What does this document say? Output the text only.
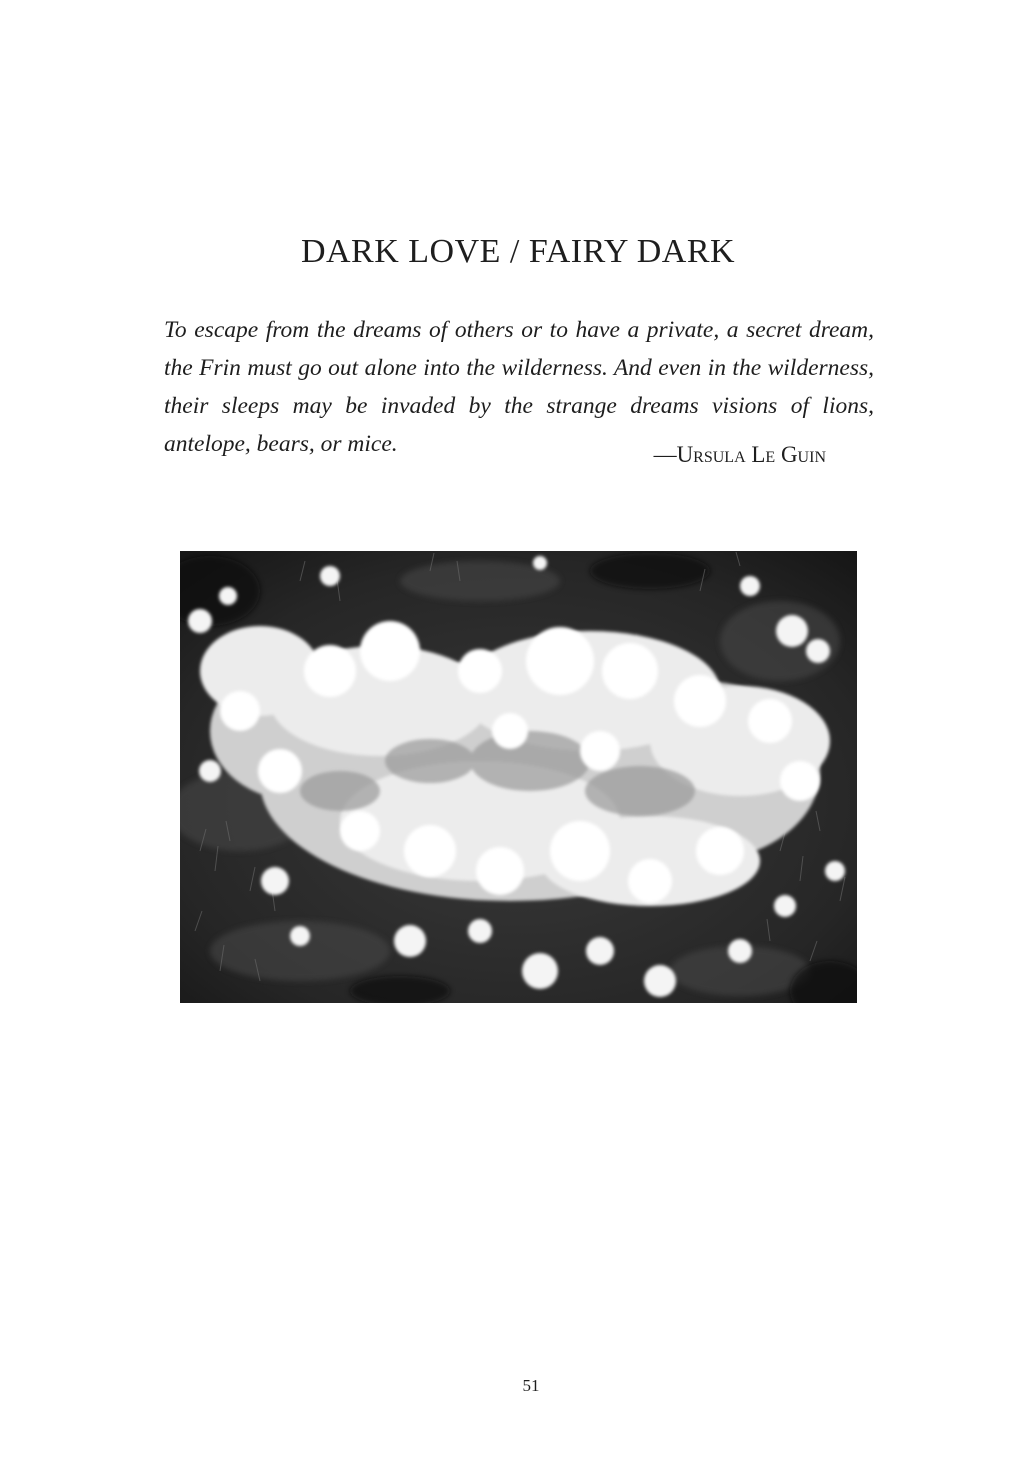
DARK LOVE / FAIRY DARK

To escape from the dreams of others or to have a private, a secret dream, the Frin must go out alone into the wilderness. And even in the wilderness, their sleeps may be invaded by the strange dreams visions of lions, antelope, bears, or mice.	—Ursula Le Guin

51
